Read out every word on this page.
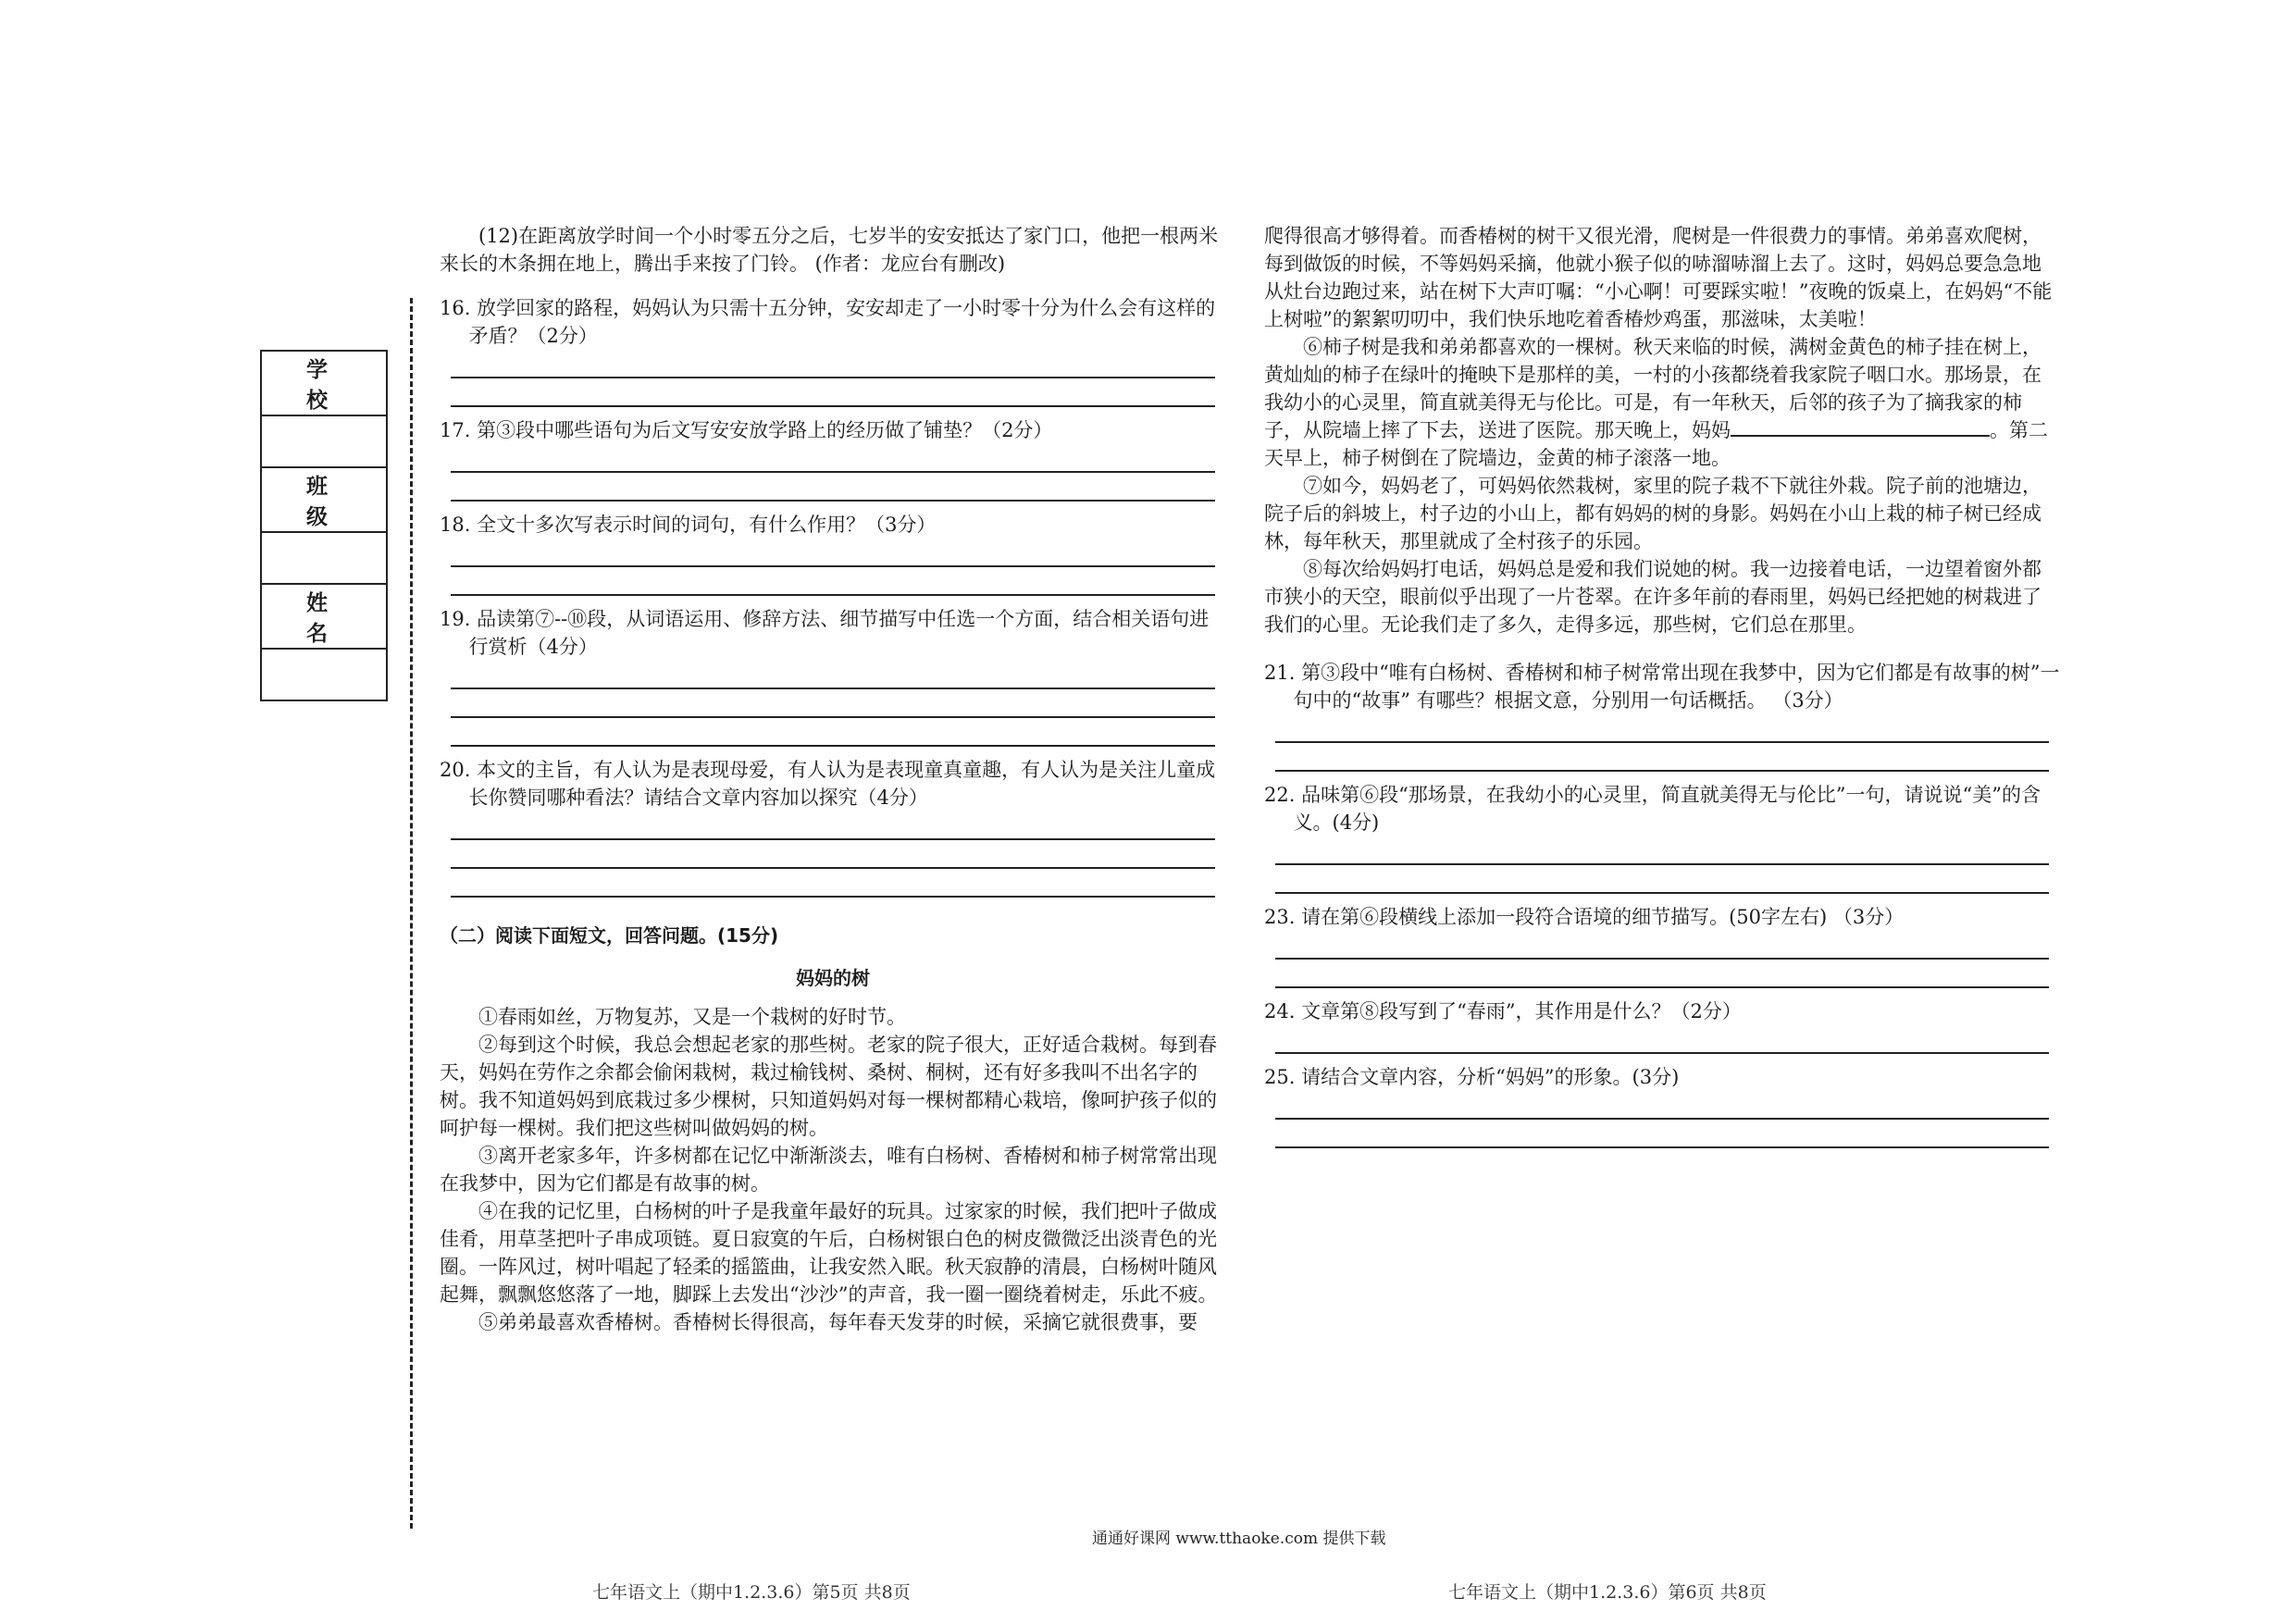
学 校

班 级

姓 名

(12)在距离放学时间一个小时零五分之后，七岁半的安安抵达了家门口，他把一根两米来长的木条拥在地上，腾出手来按了门铃。 (作者：龙应台有删改)

16. 放学回家的路程，妈妈认为只需十五分钟，安安却走了一小时零十分为什么会有这样的矛盾？（2分）

17. 第③段中哪些语句为后文写安安放学路上的经历做了铺垫？（2分）

18. 全文十多次写表示时间的词句，有什么作用？（3分）

19. 品读第⑦--⑩段，从词语运用、修辞方法、细节描写中任选一个方面，结合相关语句进行赏析（4分）

20. 本文的主旨，有人认为是表现母爱，有人认为是表现童真童趣，有人认为是关注儿童成长你赞同哪种看法？请结合文章内容加以探究（4分）

（二）阅读下面短文，回答问题。(15分)

妈妈的树

①春雨如丝，万物复苏，又是一个栽树的好时节。

②每到这个时候，我总会想起老家的那些树。老家的院子很大，正好适合栽树。每到春天，妈妈在劳作之余都会偷闲栽树，栽过榆钱树、桑树、桐树，还有好多我叫不出名字的树。我不知道妈妈到底栽过多少棵树，只知道妈妈对每一棵树都精心栽培，像呵护孩子似的呵护每一棵树。我们把这些树叫做妈妈的树。

③离开老家多年，许多树都在记忆中渐渐淡去，唯有白杨树、香椿树和柿子树常常出现在我梦中，因为它们都是有故事的树。

④在我的记忆里，白杨树的叶子是我童年最好的玩具。过家家的时候，我们把叶子做成佳肴，用草茎把叶子串成项链。夏日寂寞的午后，白杨树银白色的树皮微微泛出淡青色的光圈。一阵风过，树叶唱起了轻柔的摇篮曲，让我安然入眠。秋天寂静的清晨，白杨树叶随风起舞，飘飘悠悠落了一地，脚踩上去发出“沙沙”的声音，我一圈一圈绕着树走，乐此不疲。

⑤弟弟最喜欢香椿树。香椿树长得很高，每年春天发芽的时候，采摘它就很费事，要

爬得很高才够得着。而香椿树的树干又很光滑，爬树是一件很费力的事情。弟弟喜欢爬树，每到做饭的时候，不等妈妈采摘，他就小猴子似的哧溜哧溜上去了。这时，妈妈总要急急地从灶台边跑过来，站在树下大声叮嘱：“小心啊！可要踩实啦！”夜晚的饭桌上，在妈妈“不能上树啦”的絮絮叨叨中，我们快乐地吃着香椿炒鸡蛋，那滋味，太美啦！

⑥柿子树是我和弟弟都喜欢的一棵树。秋天来临的时候，满树金黄色的柿子挂在树上，黄灿灿的柿子在绿叶的掩映下是那样的美，一村的小孩都绕着我家院子咽口水。那场景，在我幼小的心灵里，简直就美得无与伦比。可是，有一年秋天，后邻的孩子为了摘我家的柿子，从院墙上摔了下去，送进了医院。那天晚上，妈妈	。第二天早上，柿子树倒在了院墙边，金黄的柿子滚落一地。

⑦如今，妈妈老了，可妈妈依然栽树，家里的院子栽不下就往外栽。院子前的池塘边，院子后的斜坡上，村子边的小山上，都有妈妈的树的身影。妈妈在小山上栽的柿子树已经成林，每年秋天，那里就成了全村孩子的乐园。

⑧每次给妈妈打电话，妈妈总是爱和我们说她的树。我一边接着电话，一边望着窗外都市狭小的天空，眼前似乎出现了一片苍翠。在许多年前的春雨里，妈妈已经把她的树栽进了我们的心里。无论我们走了多久，走得多远，那些树，它们总在那里。

21. 第③段中“唯有白杨树、香椿树和柿子树常常出现在我梦中，因为它们都是有故事的树”一句中的“故事” 有哪些？根据文意，分别用一句话概括。 （3分）

22. 品味第⑥段“那场景，在我幼小的心灵里，简直就美得无与伦比”一句，请说说“美”的含义。(4分)

23. 请在第⑥段横线上添加一段符合语境的细节描写。(50字左右) （3分）

24. 文章第⑧段写到了“春雨”，其作用是什么？（2分）

25. 请结合文章内容，分析“妈妈”的形象。(3分)

通通好课网 www.tthaoke.com 提供下载
七年语文上（期中1.2.3.6）第5页 共8页	七年语文上（期中1.2.3.6）第6页 共8页
